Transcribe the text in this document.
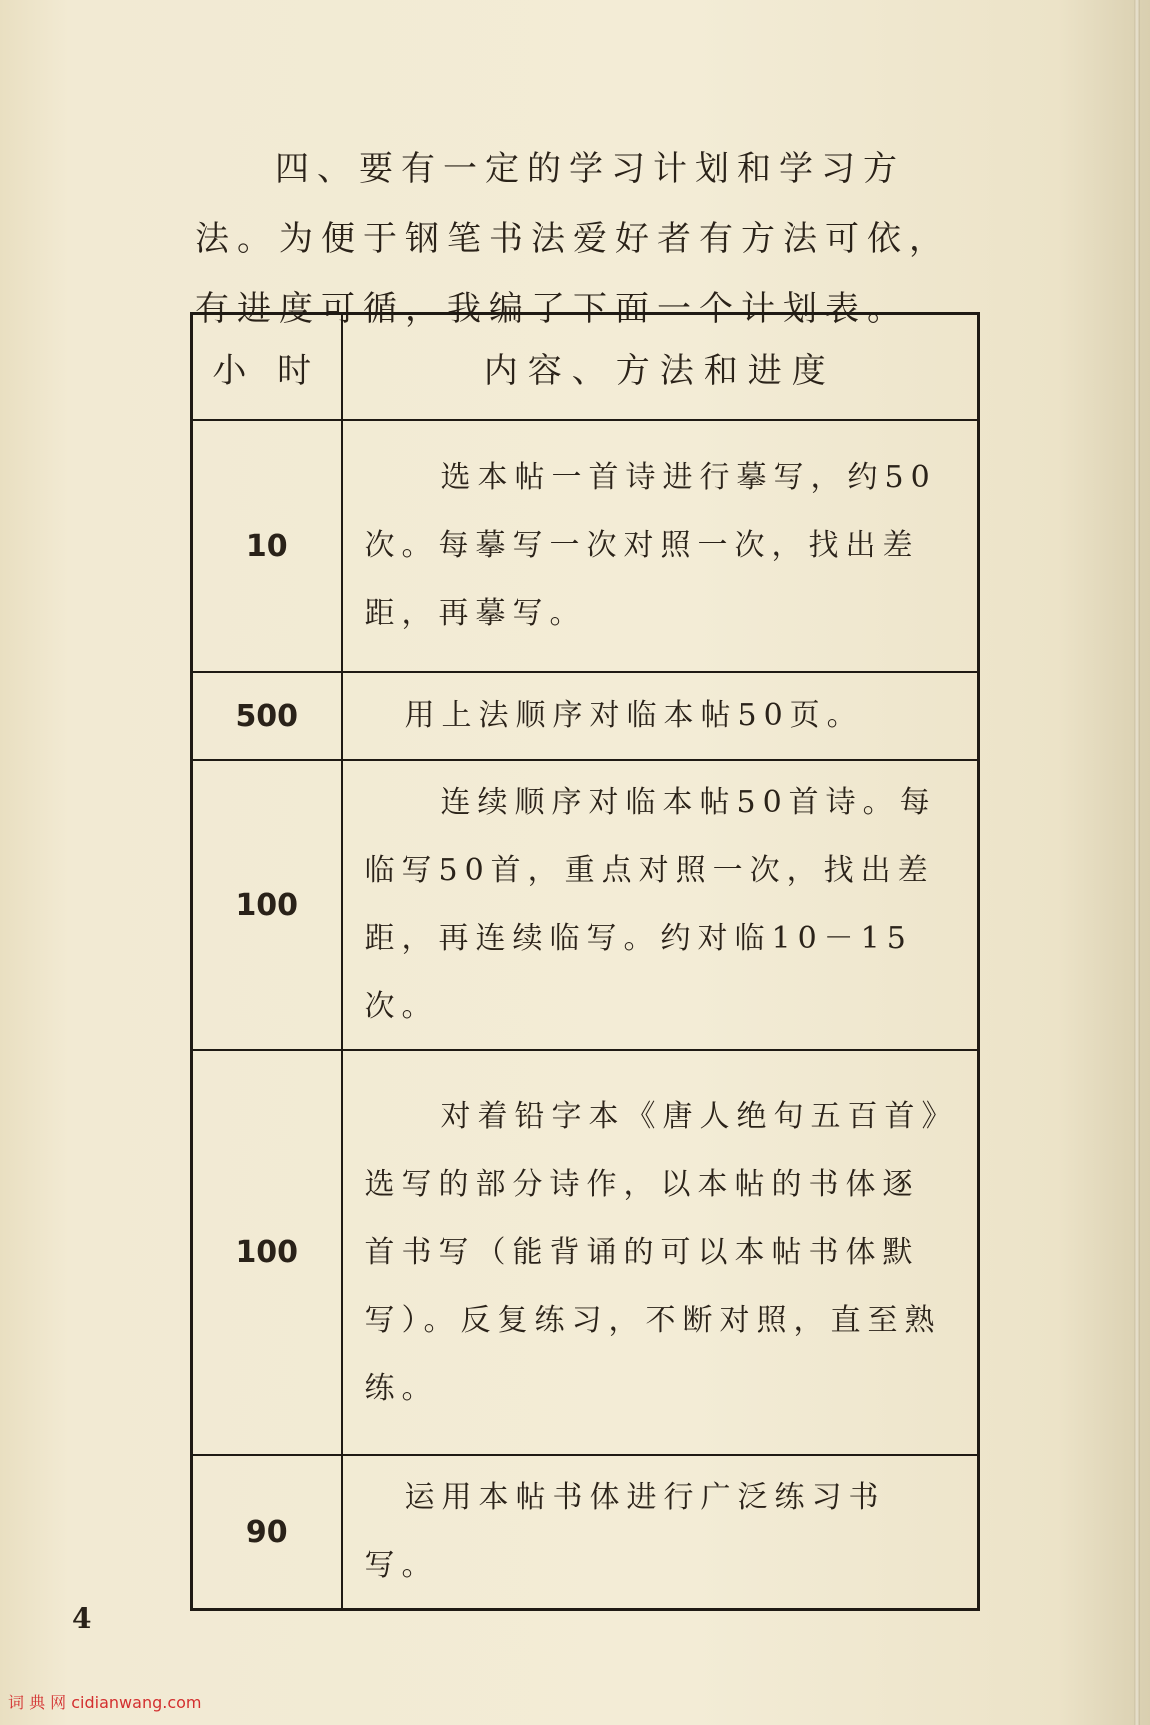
四、要有一定的学习计划和学习方法。为便于钢笔书法爱好者有方法可依，有进度可循，我编了下面一个计划表。

小 时	内容、方法和进度
10	选本帖一首诗进行摹写，约50次。每摹写一次对照一次，找出差距，再摹写。
500	用上法顺序对临本帖50页。
100	连续顺序对临本帖50首诗。每临写50首，重点对照一次，找出差距，再连续临写。约对临10－15次。
100	对着铅字本《唐人绝句五百首》选写的部分诗作，以本帖的书体逐首书写（能背诵的可以本帖书体默写）。反复练习，不断对照，直至熟练。
90	运用本帖书体进行广泛练习书写。
4
词 典 网 cidianwang.com
